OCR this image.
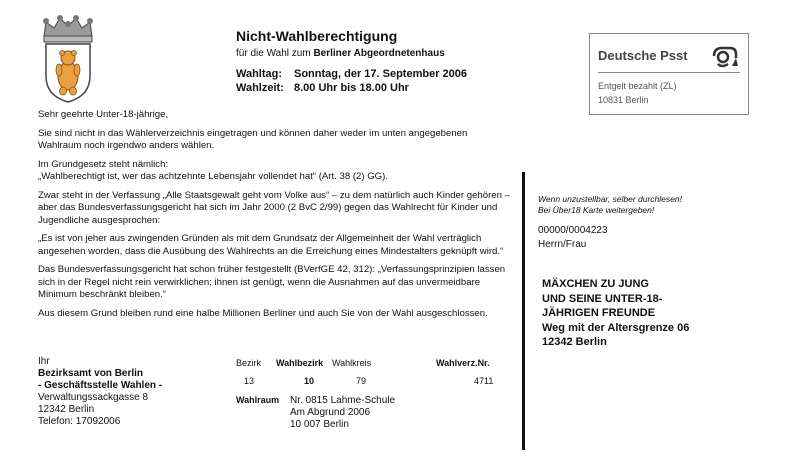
Nicht-Wahlberechtigung
für die Wahl zum Berliner Abgeordnetenhaus
Wahltag: Sonntag, der 17. September 2006
Wahlzeit: 8.00 Uhr bis 18.00 Uhr
Deutsche Psst
Entgelt bezahlt (ZL)
10831 Berlin

Sehr geehrte Unter-18-jährige,

Sie sind nicht in das Wählerverzeichnis eingetragen und können daher weder im unten angegebenen Wahlraum noch irgendwo anders wählen.

Im Grundgesetz steht nämlich:
„Wahlberechtigt ist, wer das achtzehnte Lebensjahr vollendet hat“ (Art. 38 (2) GG).

Zwar steht in der Verfassung „Alle Staatsgewalt geht vom Volke aus“ – zu dem natürlich auch Kinder gehören – aber das Bundesverfassungsgericht hat sich im Jahr 2000 (2 BvC 2/99) gegen das Wahlrecht für Kinder und Jugendliche ausgesprochen:

„Es ist von jeher aus zwingenden Gründen als mit dem Grundsatz der Allgemeinheit der Wahl verträglich angesehen worden, dass die Ausübung des Wahlrechts an die Erreichung eines Mindestalters geknüpft wird.“

Das Bundesverfassungsgericht hat schon früher festgestellt (BVerfGE 42, 312): „Verfassungsprinzipien lassen sich in der Regel nicht rein verwirklichen; ihnen ist genügt, wenn die Ausnahmen auf das unvermeidbare Minimum beschränkt bleiben.“

Aus diesem Grund bleiben rund eine halbe Millionen Berliner und auch Sie von der Wahl ausgeschlossen.

Ihr
Bezirksamt von Berlin
- Geschäftsstelle Wahlen -
Verwaltungssackgasse 8
12342 Berlin
Telefon: 17092006
Bezirk Wahlbezirk Wahlkreis	Wahlverz.Nr.
13	10	79	4711
Wahlraum Nr. 0815 Lahme-Schule
Am Abgrund 2006
10 007 Berlin
Wenn unzustellbar, selber durchlesen!
Bei Über18 Karte weitergeben!
00000/0004223
Herrn/Frau
MÄXCHEN ZU JUNG
UND SEINE UNTER-18-
JÄHRIGEN FREUNDE
Weg mit der Altersgrenze 06
12342 Berlin
